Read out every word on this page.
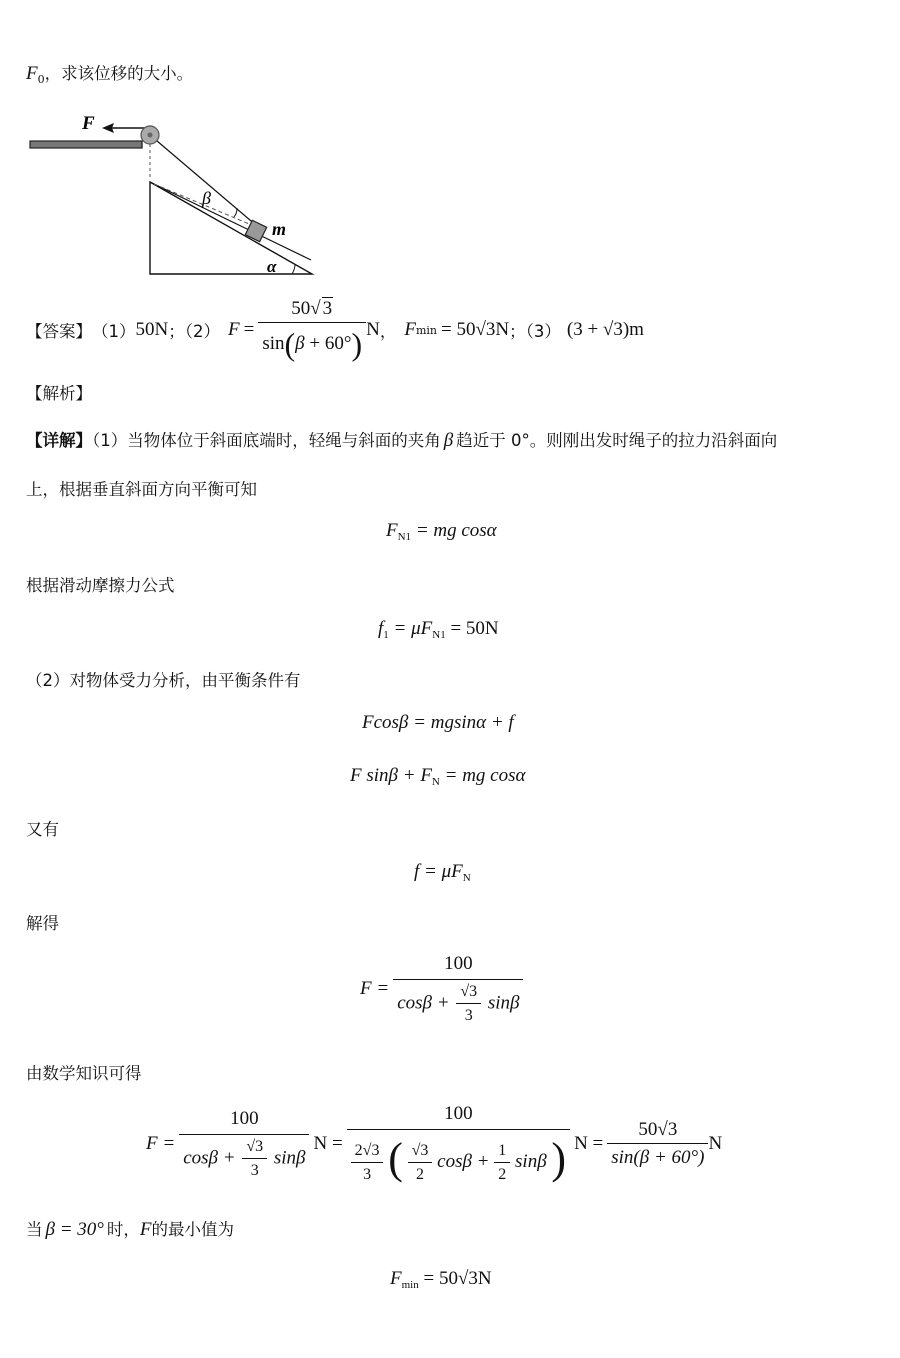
$F_0$，求该位移的大小。
F
β
m
α
【答案】 （1） 50N ；（2） $F = \frac{50√ 3}{\sin(\beta + 60^\circ)}$ N ， F min = 50√3N ；（3） (3 + √3)m
【解析】
【详解】（1）当物体位于斜面底端时，轻绳与斜面的夹角 β 趋近于 0°。则刚出发时绳子的拉力沿斜面向
上，根据垂直斜面方向平衡可知
$F_{N1}$ = mg cosα
根据滑动摩擦力公式
$f_1 = \mu F_{N1} = 50N$
（2）对物体受力分析，由平衡条件有
Fcosβ = mgsinα + f
F $\sin\beta + F_N$ = mg cosα
又有
$f = \mu F_N$
解得
$F = \frac{100}{\cos\beta + \frac{√3}{3} \sin\beta}$
由数学知识可得
$F = \frac{100}{\cos\beta + \frac{√3}{3} \sin\beta}$ N =
100
$\frac{2√3}{3}$ ( $\frac{√3}{2}$ $\cos\beta + \frac{1}{2}$ sinβ ) $N = \frac{50√3}{\sin(\beta + 60^\circ)}$ N
当 β = 30° 时，F的最小值为
$F_{min} = 50√3N$
